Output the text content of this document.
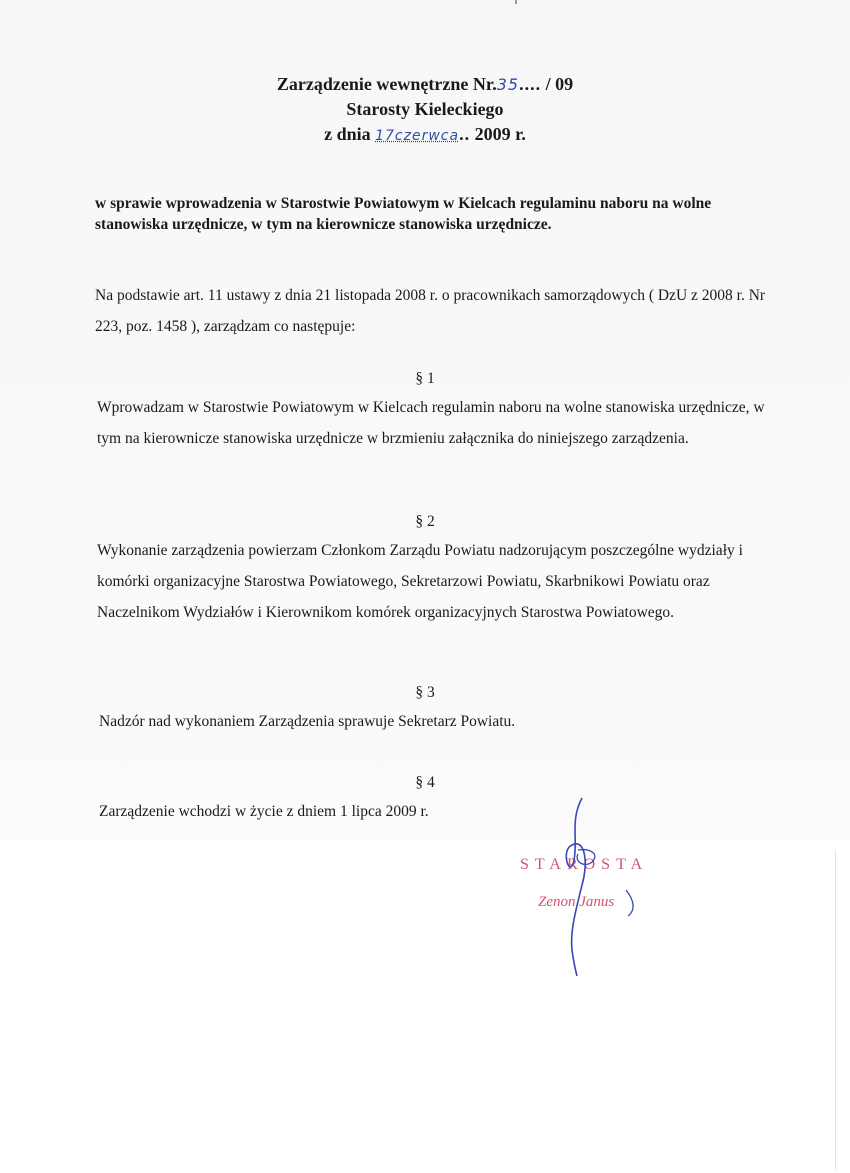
Zarządzenie wewnętrzne Nr.35.... / 09
Starosty Kieleckiego
z dnia 17czerwca.. 2009 r.
w sprawie wprowadzenia w Starostwie Powiatowym w Kielcach regulaminu naboru na wolne stanowiska urzędnicze, w tym na kierownicze stanowiska urzędnicze.
Na podstawie art. 11 ustawy z dnia 21 listopada 2008 r. o pracownikach samorządowych ( DzU z 2008 r. Nr 223, poz. 1458 ), zarządzam co następuje:
§ 1
Wprowadzam w Starostwie Powiatowym w Kielcach regulamin naboru na wolne stanowiska urzędnicze, w tym na kierownicze stanowiska urzędnicze w brzmieniu załącznika do niniejszego zarządzenia.
§ 2
Wykonanie zarządzenia powierzam Członkom Zarządu Powiatu nadzorującym poszczególne wydziały i komórki organizacyjne Starostwa Powiatowego, Sekretarzowi Powiatu, Skarbnikowi Powiatu oraz Naczelnikom Wydziałów i Kierownikom komórek organizacyjnych Starostwa Powiatowego.
§ 3
Nadzór nad wykonaniem Zarządzenia sprawuje Sekretarz Powiatu.
§ 4
Zarządzenie wchodzi w życie z dniem 1 lipca 2009 r.
STAROSTA
Zenon Janus
